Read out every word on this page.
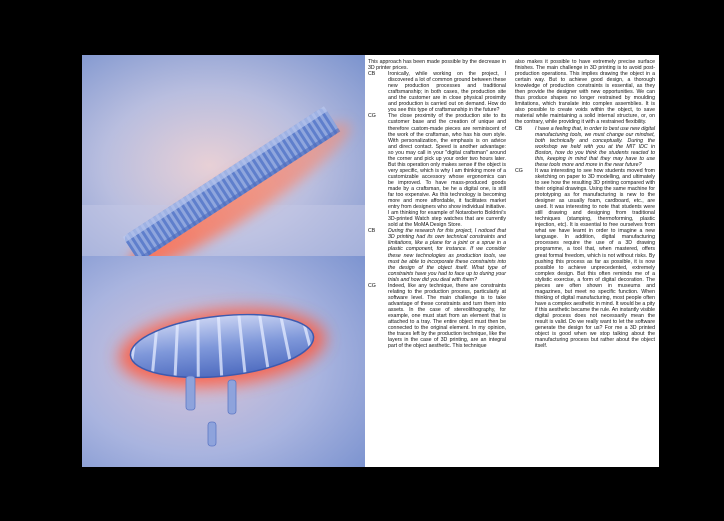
This approach has been made possible by the decrease in 3D printer prices.

CB Ironically, while working on the project, I discovered a lot of common ground between these new production processes and traditional craftsmanship; in both cases, the production site and the customer are in close physical proximity and production is carried out on demand. How do you see this type of craftsmanship in the future?

CG The close proximity of the production site to its customer base and the creation of unique and therefore custom-made pieces are reminiscent of the work of the craftsman, who has his own style. With personalization, the emphasis is on advice and direct contact. Speed is another advantage: so you may call in your "digital craftsman" around the corner and pick up your order two hours later. But this operation only makes sense if the object is very specific, which is why I am thinking more of a customizable accessory whose ergonomics can be improved. To have mass-produced goods made by a craftsman, be he a digital one, is still far too expensive. As this technology is becoming more and more affordable, it facilitates market entry from designers who show individual initiative. I am thinking for example of Notaroberto Boldrini's 3D-printed Watch step watches that are currently sold at the MoMA Design Store.

CB During the research for this project, I noticed that 3D printing had its own technical constraints and limitations, like a plane for a joint or a sprue in a plastic component, for instance. If we consider these new technologies as production tools, we must be able to incorporate these constraints into the design of the object itself. What type of constraints have you had to face up to during your trials and how did you deal with them?

CG Indeed, like any technique, there are constraints relating to the production process, particularly at software level. The main challenge is to take advantage of these constraints and turn them into assets. In the case of stereolithography, for example, one must start from an element that is attached to a tray. The entire object must then be connected to the original element. In my opinion, the traces left by the production technique, like the layers in the case of 3D printing, are an integral part of the object aesthetic. This technique

also makes it possible to have extremely precise surface finishes. The main challenge in 3D printing is to avoid post-production operations. This implies drawing the object in a certain way. But to achieve good design, a thorough knowledge of production constraints is essential, as they then provide the designer with new opportunities. We can thus produce shapes no longer restrained by moulding limitations, which translate into complex assemblies. It is also possible to create voids within the object, to save material while maintaining a solid internal structure, or, on the contrary, while providing it with a restrained flexibility.

CB I have a feeling that, in order to best use new digital manufacturing tools, we must change our mindset, both technically and conceptually. During the workshop we held with you at the MIT IDC in Boston, how do you think the students reacted to this, keeping in mind that they may have to use these tools more and more in the near future?

CG It was interesting to see how students moved from sketching on paper to 3D modelling, and ultimately to see how the resulting 3D printing compared with their original drawings. Using the same machine for prototyping as for manufacturing is new to the designer as usually foam, cardboard, etc., are used. It was interesting to note that students were still drawing and designing from traditional techniques (stamping, thermoforming, plastic injection, etc). It is essential to free ourselves from what we have learnt in order to imagine a new language. In addition, digital manufacturing processes require the use of a 3D drawing programme, a tool that, when mastered, offers great formal freedom, which is not without risks. By pushing this process as far as possible, it is now possible to achieve unprecedented, extremely complex design. But this often reminds me of a stylistic exercise, a form of digital decoration. The pieces are often shown in museums and magazines, but meet no specific function. When thinking of digital manufacturing, most people often have a complex aesthetic in mind. It would be a pity if this aesthetic became the rule. An instantly visible digital process does not necessarily mean the result is valid. Do we really want to let the software generate the design for us? For me a 3D printed object is good when we stop talking about the manufacturing process but rather about the object itself.
